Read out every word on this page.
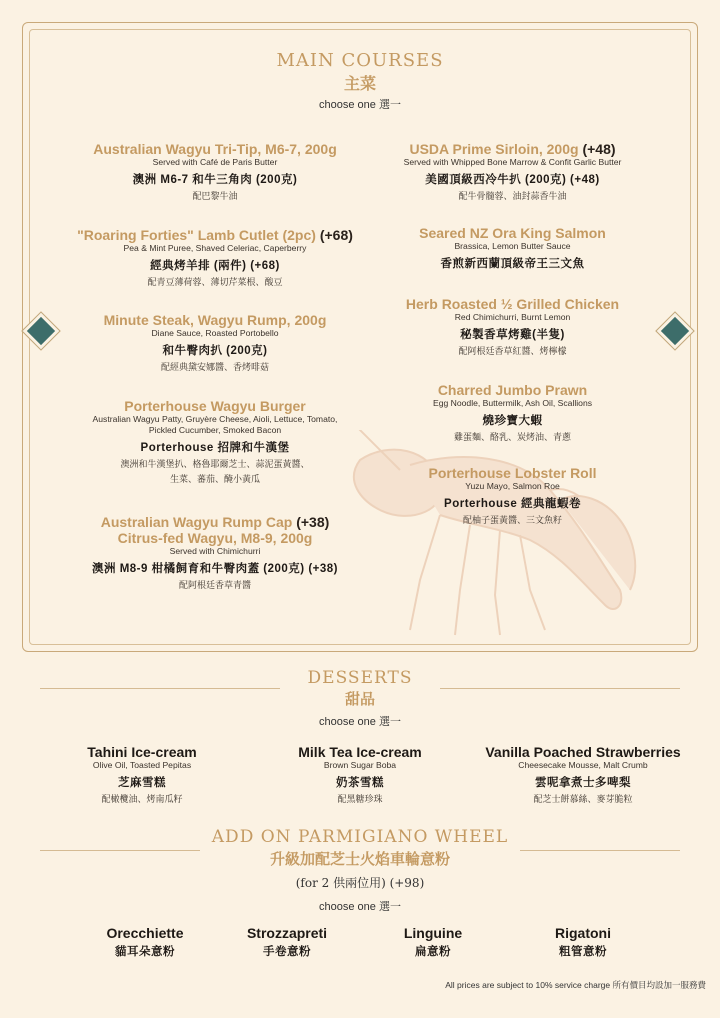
MAIN COURSES
主菜
choose one 選一
Australian Wagyu Tri-Tip, M6-7, 200g
Served with Café de Paris Butter
澳洲 M6-7 和牛三角肉 (200克)
配巴黎牛油
"Roaring Forties" Lamb Cutlet (2pc) (+68)
Pea & Mint Puree, Shaved Celeriac, Caperberry
經典烤羊排 (兩件) (+68)
配青豆薄荷蓉、薄切芹菜根、酸豆
Minute Steak, Wagyu Rump, 200g
Diane Sauce, Roasted Portobello
和牛臀肉扒 (200克)
配經典黛安娜醬、香烤啡菇
Porterhouse Wagyu Burger
Australian Wagyu Patty, Gruyère Cheese, Aioli, Lettuce, Tomato,
Pickled Cucumber, Smoked Bacon
Porterhouse 招牌和牛漢堡
澳洲和牛漢堡扒、格魯耶爾芝士、蒜泥蛋黃醬、
生菜、蕃茄、醃小黃瓜
Australian Wagyu Rump Cap (+38)
Citrus-fed Wagyu, M8-9, 200g
Served with Chimichurri
澳洲 M8-9 柑橘飼育和牛臀肉蓋 (200克) (+38)
配阿根廷香草青醬
USDA Prime Sirloin, 200g (+48)
Served with Whipped Bone Marrow & Confit Garlic Butter
美國頂級西冷牛扒 (200克) (+48)
配牛骨髓蓉、油封蒜香牛油
Seared NZ Ora King Salmon
Brassica, Lemon Butter Sauce
香煎新西蘭頂級帝王三文魚
Herb Roasted ½ Grilled Chicken
Red Chimichurri, Burnt Lemon
秘製香草烤雞(半隻)
配阿根廷香草紅醬、烤檸檬
Charred Jumbo Prawn
Egg Noodle, Buttermilk, Ash Oil, Scallions
燒珍寶大蝦
雞蛋麵、酪乳、炭烤油、青蔥
Porterhouse Lobster Roll
Yuzu Mayo, Salmon Roe
Porterhouse 經典龍蝦卷
配柚子蛋黃醬、三文魚籽
DESSERTS
甜品
choose one 選一
Tahini Ice-cream
Olive Oil, Toasted Pepitas
芝麻雪糕
配橄欖油、烤南瓜籽
Milk Tea Ice-cream
Brown Sugar Boba
奶茶雪糕
配黑糖珍珠
Vanilla Poached Strawberries
Cheesecake Mousse, Malt Crumb
雲呢拿煮士多啤梨
配芝士餅慕絲、麥芽脆粒
ADD ON PARMIGIANO WHEEL
升級加配芝士火焰車輪意粉
(for 2 供兩位用) (+98)
choose one 選一
Orecchiette
貓耳朵意粉
Strozzapreti
手卷意粉
Linguine
扁意粉
Rigatoni
粗管意粉
All prices are subject to 10% service charge 所有價目均設加一服務費
